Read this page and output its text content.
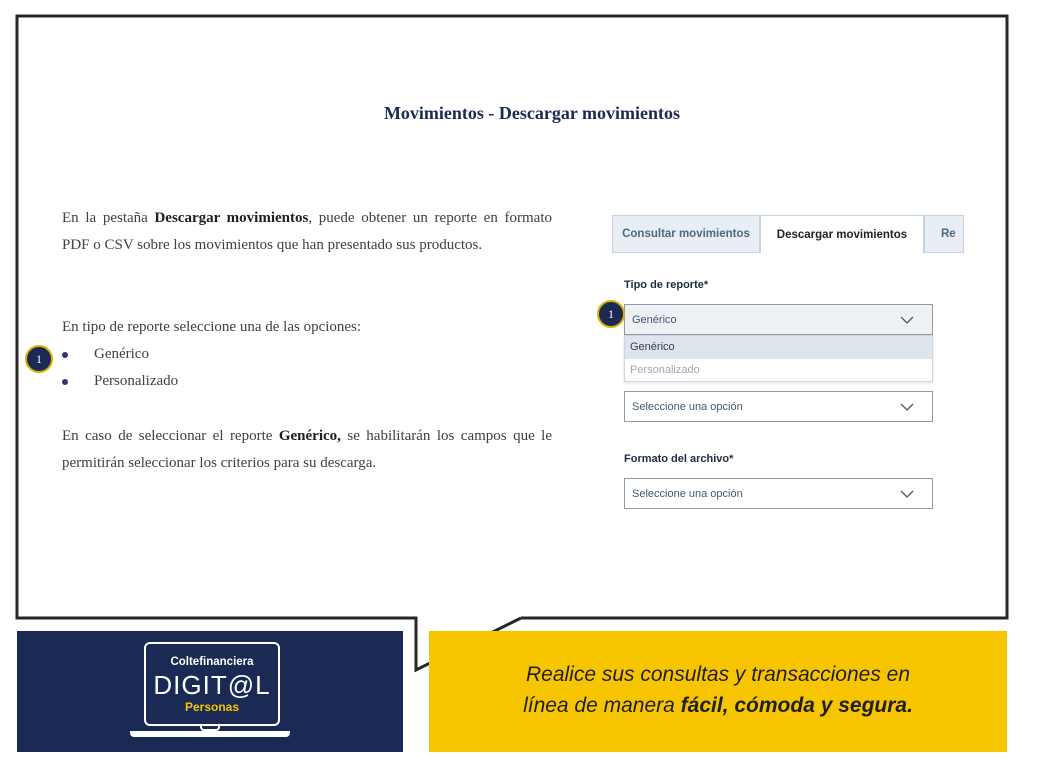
Movimientos - Descargar movimientos
En la pestaña Descargar movimientos, puede obtener un reporte en formato PDF o CSV sobre los movimientos que han presentado sus productos.
En tipo de reporte seleccione una de las opciones:
Genérico
Personalizado
1
En caso de seleccionar el reporte Genérico, se habilitarán los campos que le permitirán seleccionar los criterios para su descarga.
Consultar movimientos	Descargar movimientos	Re
Tipo de reporte*
Genérico
Genérico
Personalizado
Seleccione una opción
Formato del archivo*
Seleccione una opción
1
Coltefinanciera
DIGIT@L
Personas
Realice sus consultas y transacciones en
línea de manera fácil, cómoda y segura.
